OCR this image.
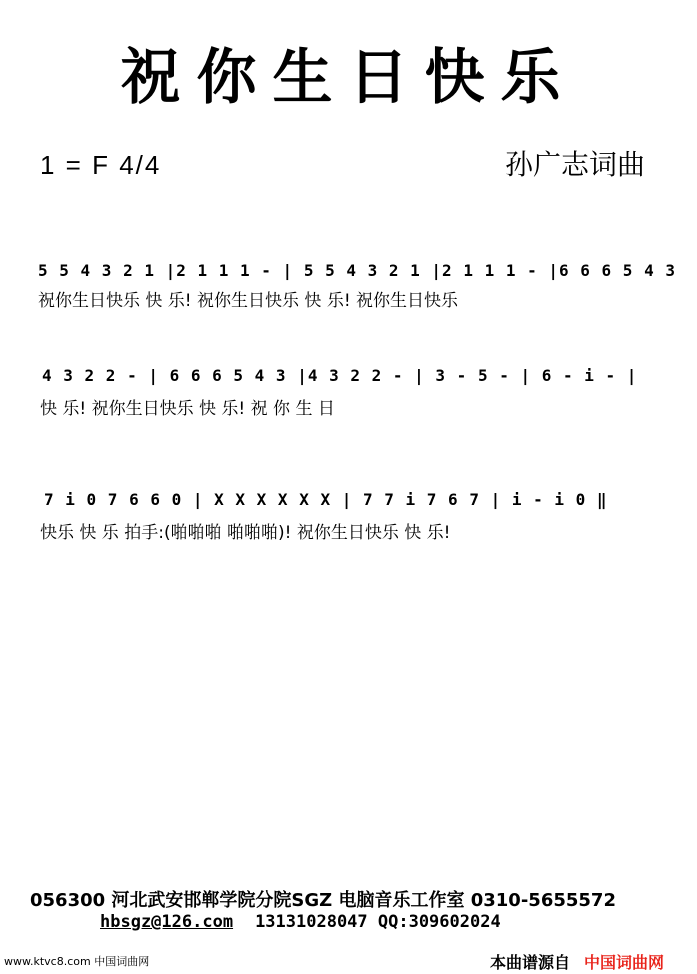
祝你生日快乐
1 = F 4/4	孙广志词曲
5 5 4 3 2 1 |2 1 1 1 - | 5 5 4 3 2 1 |2 1 1 1 - |6 6 6 5 4 3
祝你生日快乐 快 乐! 祝你生日快乐 快 乐! 祝你生日快乐
4 3 2 2 - | 6 6 6 5 4 3 |4 3 2 2 - | 3 - 5 - | 6 - i - |
快 乐! 祝你生日快乐 快 乐! 祝 你 生 日
7 i 0 7 6 6 0 | X X X X X X | 7 7 i 7 6 7 | i - i 0 ‖
快乐 快 乐 拍手:(啪啪啪 啪啪啪)! 祝你生日快乐 快 乐!
056300 河北武安邯郸学院分院SGZ 电脑音乐工作室 0310-5655572
hbsgz@126.com 13131028047 QQ:309602024
www.ktvc8.com 中国词曲网	本曲谱源自 中国词曲网
